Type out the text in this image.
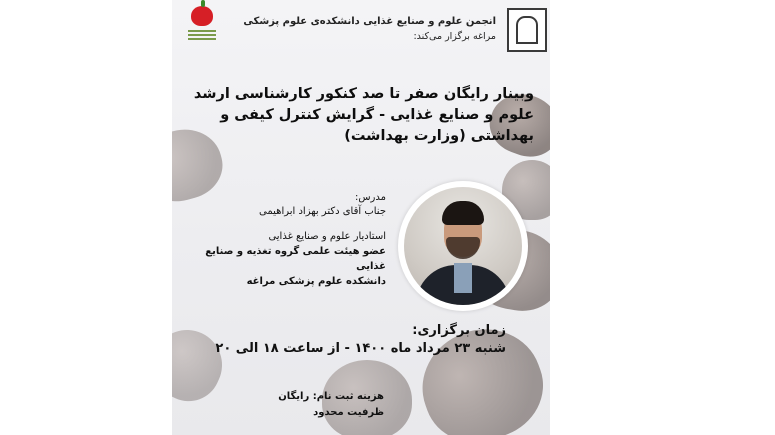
انجمن علوم و صنایع غذایی دانشکده‌ی علوم پزشکی
مراغه برگزار می‌کند:
وبینار رایگان صفر تا صد کنکور کارشناسی ارشد
علوم و صنایع غذایی - گرایش کنترل کیفی و
بهداشتی (وزارت بهداشت)
مدرس:
جناب آقای دکتر بهزاد ابراهیمی
استادیار علوم و صنایع غذایی
عضو هیئت علمی گروه تغذیه و صنایع غذایی
دانشکده علوم پزشکی مراغه
زمان برگزاری:
شنبه ۲۳ مرداد ماه ۱۴۰۰ - از ساعت ۱۸ الی ۲۰
هزینه ثبت نام: رایگان
ظرفیت محدود
